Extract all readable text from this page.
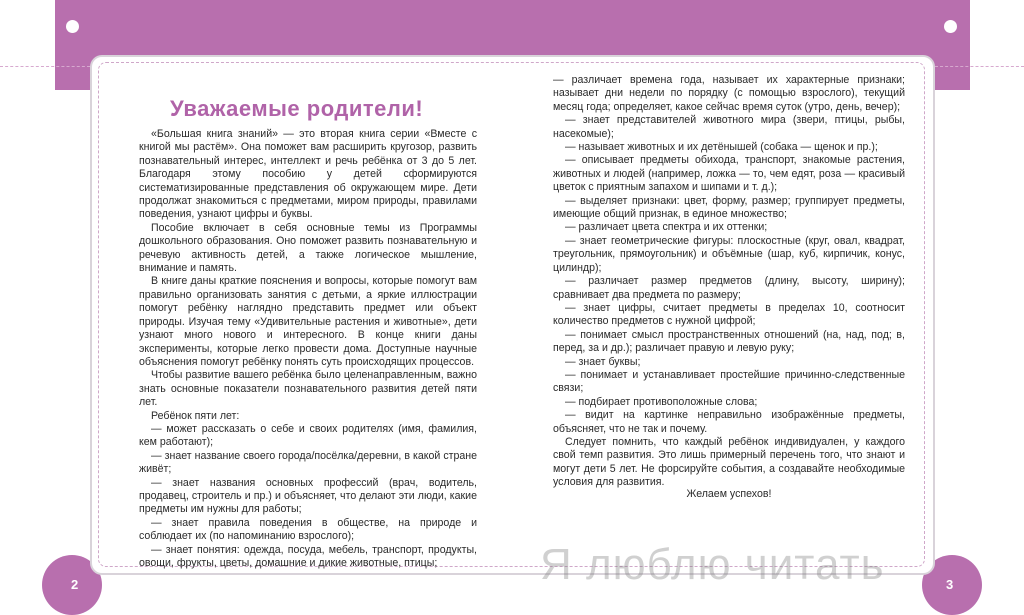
Уважаемые родители!

«Большая книга знаний» — это вторая книга серии «Вместе с книгой мы растём». Она поможет вам расширить кругозор, развить познавательный интерес, интеллект и речь ребёнка от 3 до 5 лет. Благодаря этому пособию у детей сформируются систематизированные представления об окружающем мире. Дети продолжат знакомиться с предметами, миром природы, правилами поведения, узнают цифры и буквы.

Пособие включает в себя основные темы из Программы дошкольного образования. Оно поможет развить познавательную и речевую активность детей, а также логическое мышление, внимание и память.

В книге даны краткие пояснения и вопросы, которые помогут вам правильно организовать занятия с детьми, а яркие иллюстрации помогут ребёнку наглядно представить предмет или объект природы. Изучая тему «Удивительные растения и животные», дети узнают много нового и интересного. В конце книги даны эксперименты, которые легко провести дома. Доступные научные объяснения помогут ребёнку понять суть происходящих процессов.

Чтобы развитие вашего ребёнка было целенаправленным, важно знать основные показатели познавательного развития детей пяти лет.

Ребёнок пяти лет:

— может рассказать о себе и своих родителях (имя, фамилия, кем работают);

— знает название своего города/посёлка/деревни, в какой стране живёт;

— знает названия основных профессий (врач, водитель, продавец, строитель и пр.) и объясняет, что делают эти люди, какие предметы им нужны для работы;

— знает правила поведения в обществе, на природе и соблюдает их (по напоминанию взрослого);

— знает понятия: одежда, посуда, мебель, транспорт, продукты, овощи, фрукты, цветы, домашние и дикие животные, птицы;

— различает времена года, называет их характерные признаки; называет дни недели по порядку (с помощью взрослого), текущий месяц года; определяет, какое сейчас время суток (утро, день, вечер);

— знает представителей животного мира (звери, птицы, рыбы, насекомые);

— называет животных и их детёнышей (собака — щенок и пр.);

— описывает предметы обихода, транспорт, знакомые растения, животных и людей (например, ложка — то, чем едят, роза — красивый цветок с приятным запахом и шипами и т. д.);

— выделяет признаки: цвет, форму, размер; группирует предметы, имеющие общий признак, в единое множество;

— различает цвета спектра и их оттенки;

— знает геометрические фигуры: плоскостные (круг, овал, квадрат, треугольник, прямоугольник) и объёмные (шар, куб, кирпичик, конус, цилиндр);

— различает размер предметов (длину, высоту, ширину); сравнивает два предмета по размеру;

— знает цифры, считает предметы в пределах 10, соотносит количество предметов с нужной цифрой;

— понимает смысл пространственных отношений (на, над, под; в, перед, за и др.); различает правую и левую руку;

— знает буквы;

— понимает и устанавливает простейшие причинно-следственные связи;

— подбирает противоположные слова;

— видит на картинке неправильно изображённые предметы, объясняет, что не так и почему.

Следует помнить, что каждый ребёнок индивидуален, у каждого свой темп развития. Это лишь примерный перечень того, что знают и могут дети 5 лет. Не форсируйте события, а создавайте необходимые условия для развития.

Желаем успехов!
2	3
Я люблю читать
